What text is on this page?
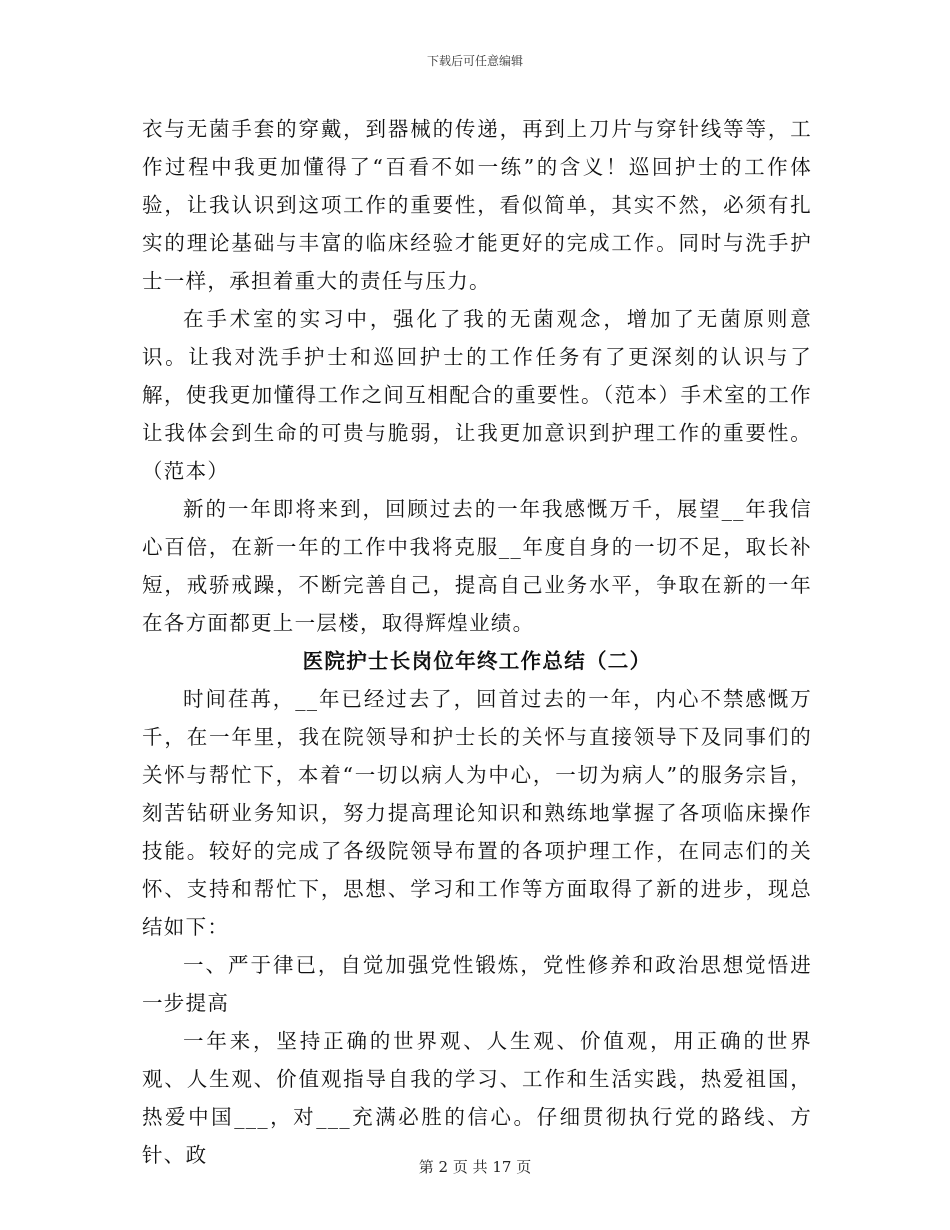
下载后可任意编辑

衣与无菌手套的穿戴，到器械的传递，再到上刀片与穿针线等等，工作过程中我更加懂得了“百看不如一练”的含义！巡回护士的工作体验，让我认识到这项工作的重要性，看似简单，其实不然，必须有扎实的理论基础与丰富的临床经验才能更好的完成工作。同时与洗手护士一样，承担着重大的责任与压力。

在手术室的实习中，强化了我的无菌观念，增加了无菌原则意识。让我对洗手护士和巡回护士的工作任务有了更深刻的认识与了解，使我更加懂得工作之间互相配合的重要性。（范本）手术室的工作让我体会到生命的可贵与脆弱，让我更加意识到护理工作的重要性。（范本）

新的一年即将来到，回顾过去的一年我感慨万千，展望__年我信心百倍，在新一年的工作中我将克服__年度自身的一切不足，取长补短，戒骄戒躁，不断完善自己，提高自己业务水平，争取在新的一年在各方面都更上一层楼，取得辉煌业绩。

医院护士长岗位年终工作总结（二）

时间荏苒，__年已经过去了，回首过去的一年，内心不禁感慨万千，在一年里，我在院领导和护士长的关怀与直接领导下及同事们的关怀与帮忙下，本着“一切以病人为中心，一切为病人”的服务宗旨，刻苦钻研业务知识，努力提高理论知识和熟练地掌握了各项临床操作技能。较好的完成了各级院领导布置的各项护理工作，在同志们的关怀、支持和帮忙下，思想、学习和工作等方面取得了新的进步，现总结如下：

一、严于律已，自觉加强党性锻炼，党性修养和政治思想觉悟进一步提高

一年来，坚持正确的世界观、人生观、价值观，用正确的世界观、人生观、价值观指导自我的学习、工作和生活实践，热爱祖国，热爱中国___，对___充满必胜的信心。仔细贯彻执行党的路线、方针、政	第 2 页 共 17 页
